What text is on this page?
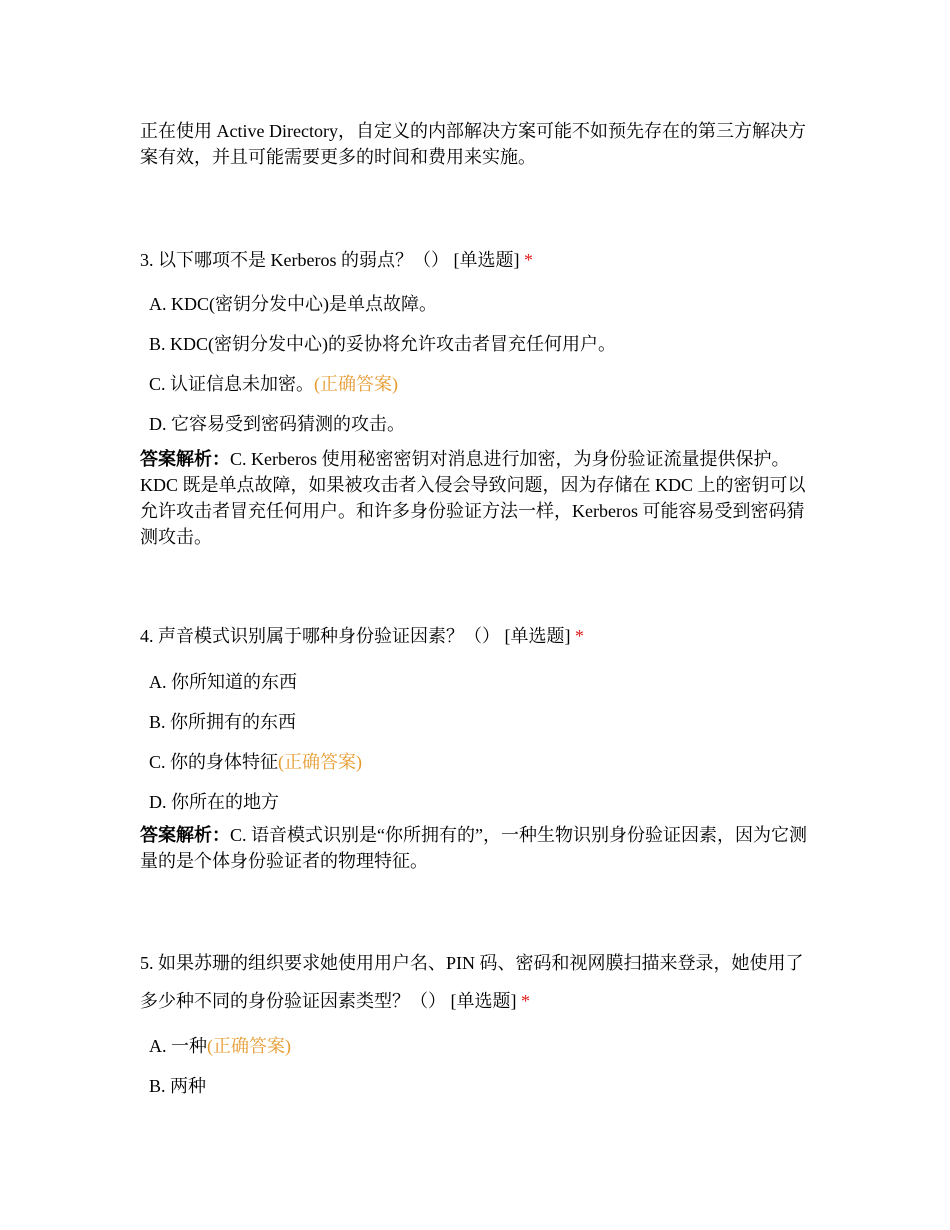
正在使用 Active Directory，自定义的内部解决方案可能不如预先存在的第三方解决方案有效，并且可能需要更多的时间和费用来实施。

3. 以下哪项不是 Kerberos 的弱点？（） [单选题] *
A. KDC(密钥分发中心)是单点故障。
B. KDC(密钥分发中心)的妥协将允许攻击者冒充任何用户。
C. 认证信息未加密。(正确答案)
D. 它容易受到密码猜测的攻击。

答案解析：C. Kerberos 使用秘密密钥对消息进行加密，为身份验证流量提供保护。KDC 既是单点故障，如果被攻击者入侵会导致问题，因为存储在 KDC 上的密钥可以允许攻击者冒充任何用户。和许多身份验证方法一样，Kerberos 可能容易受到密码猜测攻击。

4. 声音模式识别属于哪种身份验证因素？（） [单选题] *
A. 你所知道的东西
B. 你所拥有的东西
C. 你的身体特征(正确答案)
D. 你所在的地方

答案解析：C. 语音模式识别是“你所拥有的”，一种生物识别身份验证因素，因为它测量的是个体身份验证者的物理特征。

5. 如果苏珊的组织要求她使用用户名、PIN 码、密码和视网膜扫描来登录，她使用了多少种不同的身份验证因素类型？（） [单选题] *
A. 一种(正确答案)
B. 两种
